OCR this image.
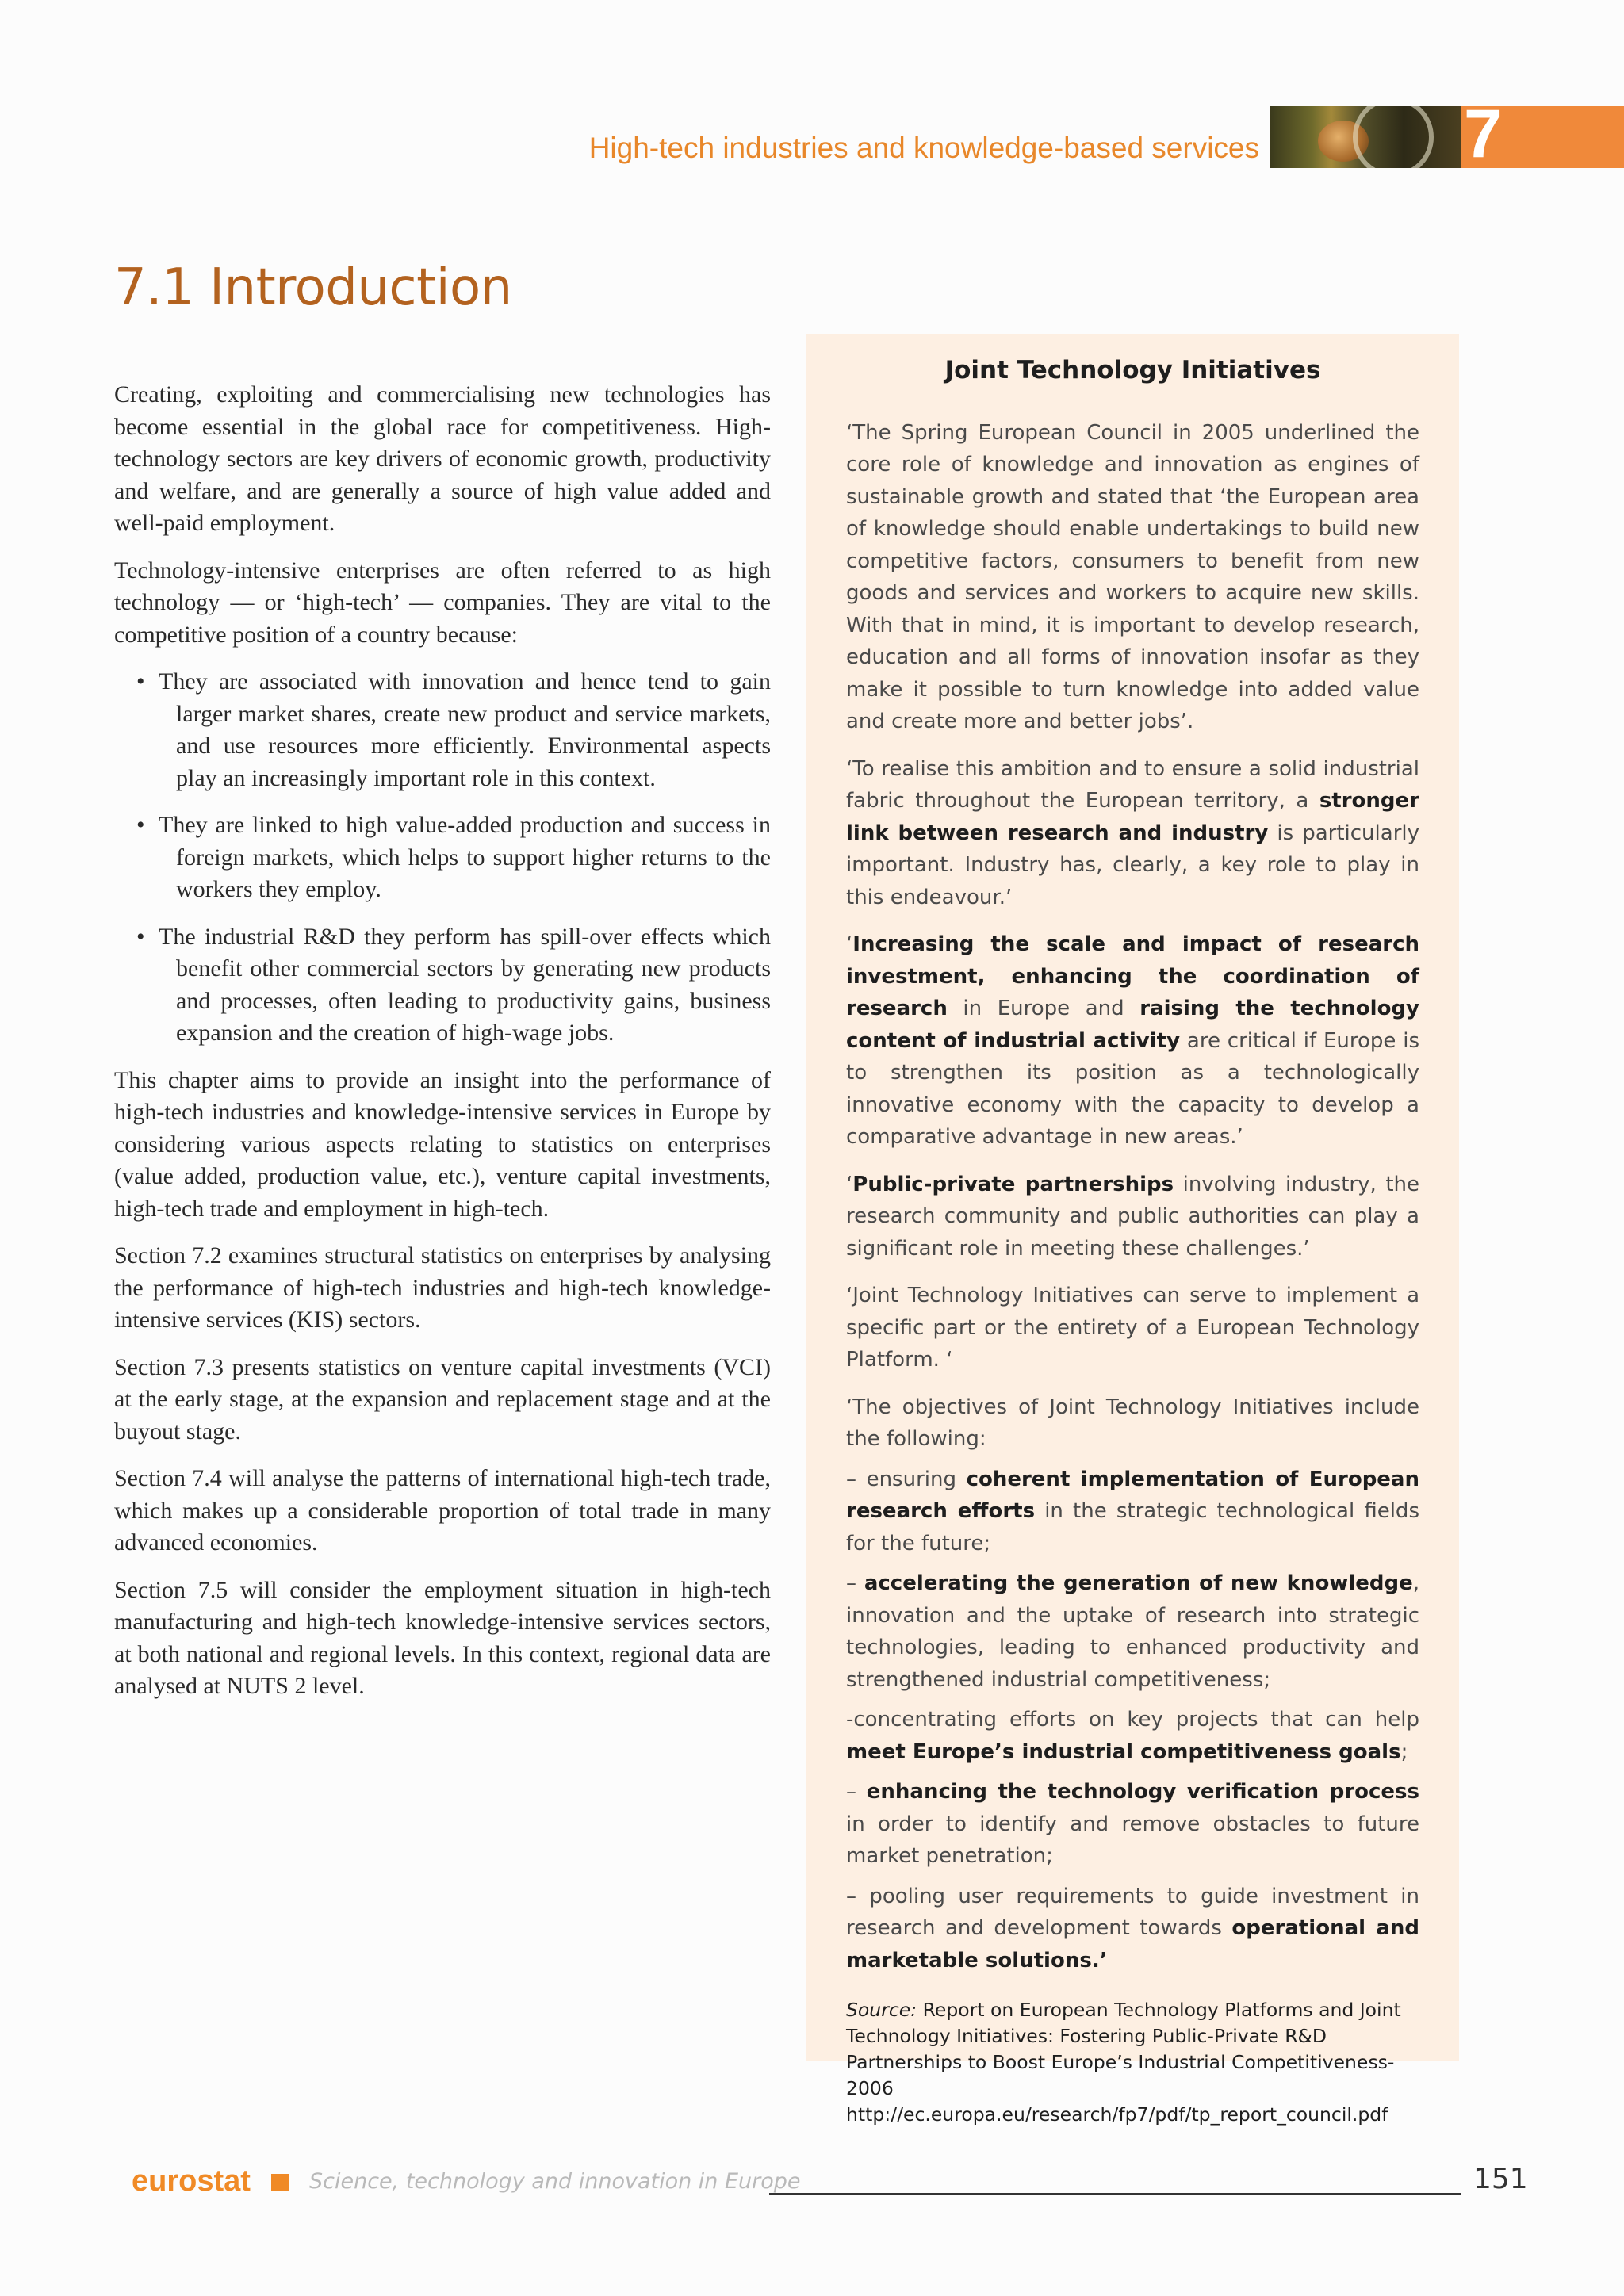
High-tech industries and knowledge-based services	7
7.1 Introduction

Creating, exploiting and commercialising new technologies has become essential in the global race for competitiveness. High-technology sectors are key drivers of economic growth, productivity and welfare, and are generally a source of high value added and well-paid employment.

Technology-intensive enterprises are often referred to as high technology — or ‘high-tech’ — companies. They are vital to the competitive position of a country because:

• They are associated with innovation and hence tend to gain larger market shares, create new product and service markets, and use resources more efficiently. Environmental aspects play an increasingly important role in this context.
• They are linked to high value-added production and success in foreign markets, which helps to support higher returns to the workers they employ.
• The industrial R&D they perform has spill-over effects which benefit other commercial sectors by generating new products and processes, often leading to productivity gains, business expansion and the creation of high-wage jobs.

This chapter aims to provide an insight into the performance of high-tech industries and knowledge-intensive services in Europe by considering various aspects relating to statistics on enterprises (value added, production value, etc.), venture capital investments, high-tech trade and employment in high-tech.

Section 7.2 examines structural statistics on enterprises by analysing the performance of high-tech industries and high-tech knowledge-intensive services (KIS) sectors.

Section 7.3 presents statistics on venture capital investments (VCI) at the early stage, at the expansion and replacement stage and at the buyout stage.

Section 7.4 will analyse the patterns of international high-tech trade, which makes up a considerable proportion of total trade in many advanced economies.

Section 7.5 will consider the employment situation in high-tech manufacturing and high-tech knowledge-intensive services sectors, at both national and regional levels. In this context, regional data are analysed at NUTS 2 level.

Joint Technology Initiatives

‘The Spring European Council in 2005 underlined the core role of knowledge and innovation as engines of sustainable growth and stated that ‘the European area of knowledge should enable undertakings to build new competitive factors, consumers to benefit from new goods and services and workers to acquire new skills. With that in mind, it is important to develop research, education and all forms of innovation insofar as they make it possible to turn knowledge into added value and create more and better jobs’.

‘To realise this ambition and to ensure a solid industrial fabric throughout the European territory, a stronger link between research and industry is particularly important. Industry has, clearly, a key role to play in this endeavour.’

‘Increasing the scale and impact of research investment, enhancing the coordination of research in Europe and raising the technology content of industrial activity are critical if Europe is to strengthen its position as a technologically innovative economy with the capacity to develop a comparative advantage in new areas.’

‘Public-private partnerships involving industry, the research community and public authorities can play a significant role in meeting these challenges.’

‘Joint Technology Initiatives can serve to implement a specific part or the entirety of a European Technology Platform. ‘

‘The objectives of Joint Technology Initiatives include the following:

– ensuring coherent implementation of European research efforts in the strategic technological fields for the future;

– accelerating the generation of new knowledge, innovation and the uptake of research into strategic technologies, leading to enhanced productivity and strengthened industrial competitiveness;

-concentrating efforts on key projects that can help meet Europe’s industrial competitiveness goals;

– enhancing the technology verification process in order to identify and remove obstacles to future market penetration;

– pooling user requirements to guide investment in research and development towards operational and marketable solutions.’

Source: Report on European Technology Platforms and Joint Technology Initiatives: Fostering Public-Private R&D Partnerships to Boost Europe’s Industrial Competitiveness-2006
http://ec.europa.eu/research/fp7/pdf/tp_report_council.pdf
eurostat	Science, technology and innovation in Europe	151
